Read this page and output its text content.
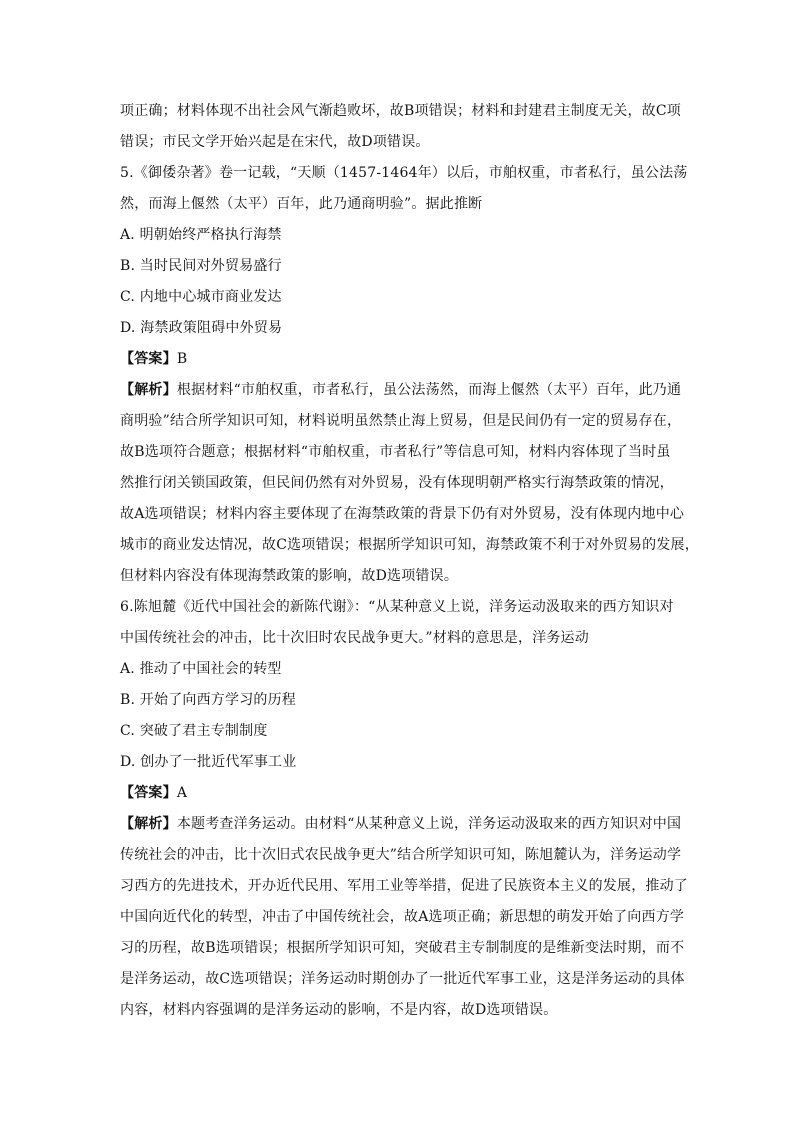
项正确；材料体现不出社会风气渐趋败坏，故B项错误；材料和封建君主制度无关，故C项
错误；市民文学开始兴起是在宋代，故D项错误。
5.《御倭杂著》卷一记载，“天顺（1457-1464年）以后，市舶权重，市者私行，虽公法荡
然，而海上偃然（太平）百年，此乃通商明验”。据此推断
A. 明朝始终严格执行海禁
B. 当时民间对外贸易盛行
C. 内地中心城市商业发达
D. 海禁政策阻碍中外贸易
【答案】B
【解析】根据材料“市舶权重，市者私行，虽公法荡然，而海上偃然（太平）百年，此乃通
商明验”结合所学知识可知，材料说明虽然禁止海上贸易，但是民间仍有一定的贸易存在，
故B选项符合题意；根据材料“市舶权重，市者私行”等信息可知，材料内容体现了当时虽
然推行闭关锁国政策，但民间仍然有对外贸易，没有体现明朝严格实行海禁政策的情况，
故A选项错误；材料内容主要体现了在海禁政策的背景下仍有对外贸易，没有体现内地中心
城市的商业发达情况，故C选项错误；根据所学知识可知，海禁政策不利于对外贸易的发展，
但材料内容没有体现海禁政策的影响，故D选项错误。
6.陈旭麓《近代中国社会的新陈代谢》：“从某种意义上说，洋务运动汲取来的西方知识对
中国传统社会的冲击，比十次旧时农民战争更大。”材料的意思是，洋务运动
A. 推动了中国社会的转型
B. 开始了向西方学习的历程
C. 突破了君主专制制度
D. 创办了一批近代军事工业
【答案】A
【解析】本题考查洋务运动。由材料“从某种意义上说，洋务运动汲取来的西方知识对中国
传统社会的冲击，比十次旧式农民战争更大”结合所学知识可知，陈旭麓认为，洋务运动学
习西方的先进技术，开办近代民用、军用工业等举措，促进了民族资本主义的发展，推动了
中国向近代化的转型，冲击了中国传统社会，故A选项正确；新思想的萌发开始了向西方学
习的历程，故B选项错误；根据所学知识可知，突破君主专制制度的是维新变法时期，而不
是洋务运动，故C选项错误；洋务运动时期创办了一批近代军事工业，这是洋务运动的具体
内容，材料内容强调的是洋务运动的影响，不是内容，故D选项错误。
